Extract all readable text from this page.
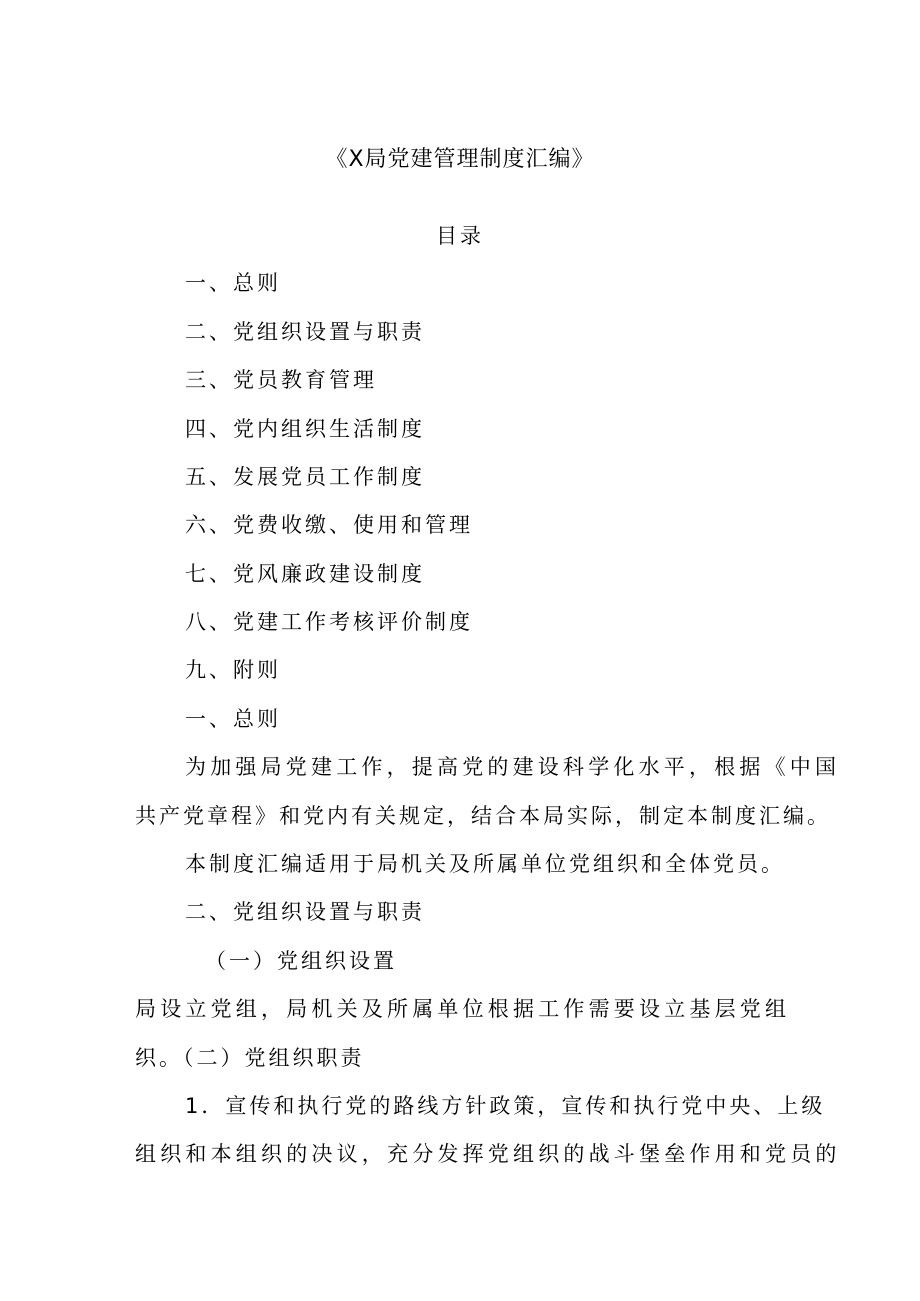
《X局党建管理制度汇编》
目录
一、总则
二、党组织设置与职责
三、党员教育管理
四、党内组织生活制度
五、发展党员工作制度
六、党费收缴、使用和管理
七、党风廉政建设制度
八、党建工作考核评价制度
九、附则
一、总则
为加强局党建工作，提高党的建设科学化水平，根据《中国
共产党章程》和党内有关规定，结合本局实际，制定本制度汇编。
本制度汇编适用于局机关及所属单位党组织和全体党员。
二、党组织设置与职责
（一）党组织设置
局设立党组，局机关及所属单位根据工作需要设立基层党组
织。（二）党组织职责
1．宣传和执行党的路线方针政策，宣传和执行党中央、上级
组织和本组织的决议，充分发挥党组织的战斗堡垒作用和党员的
